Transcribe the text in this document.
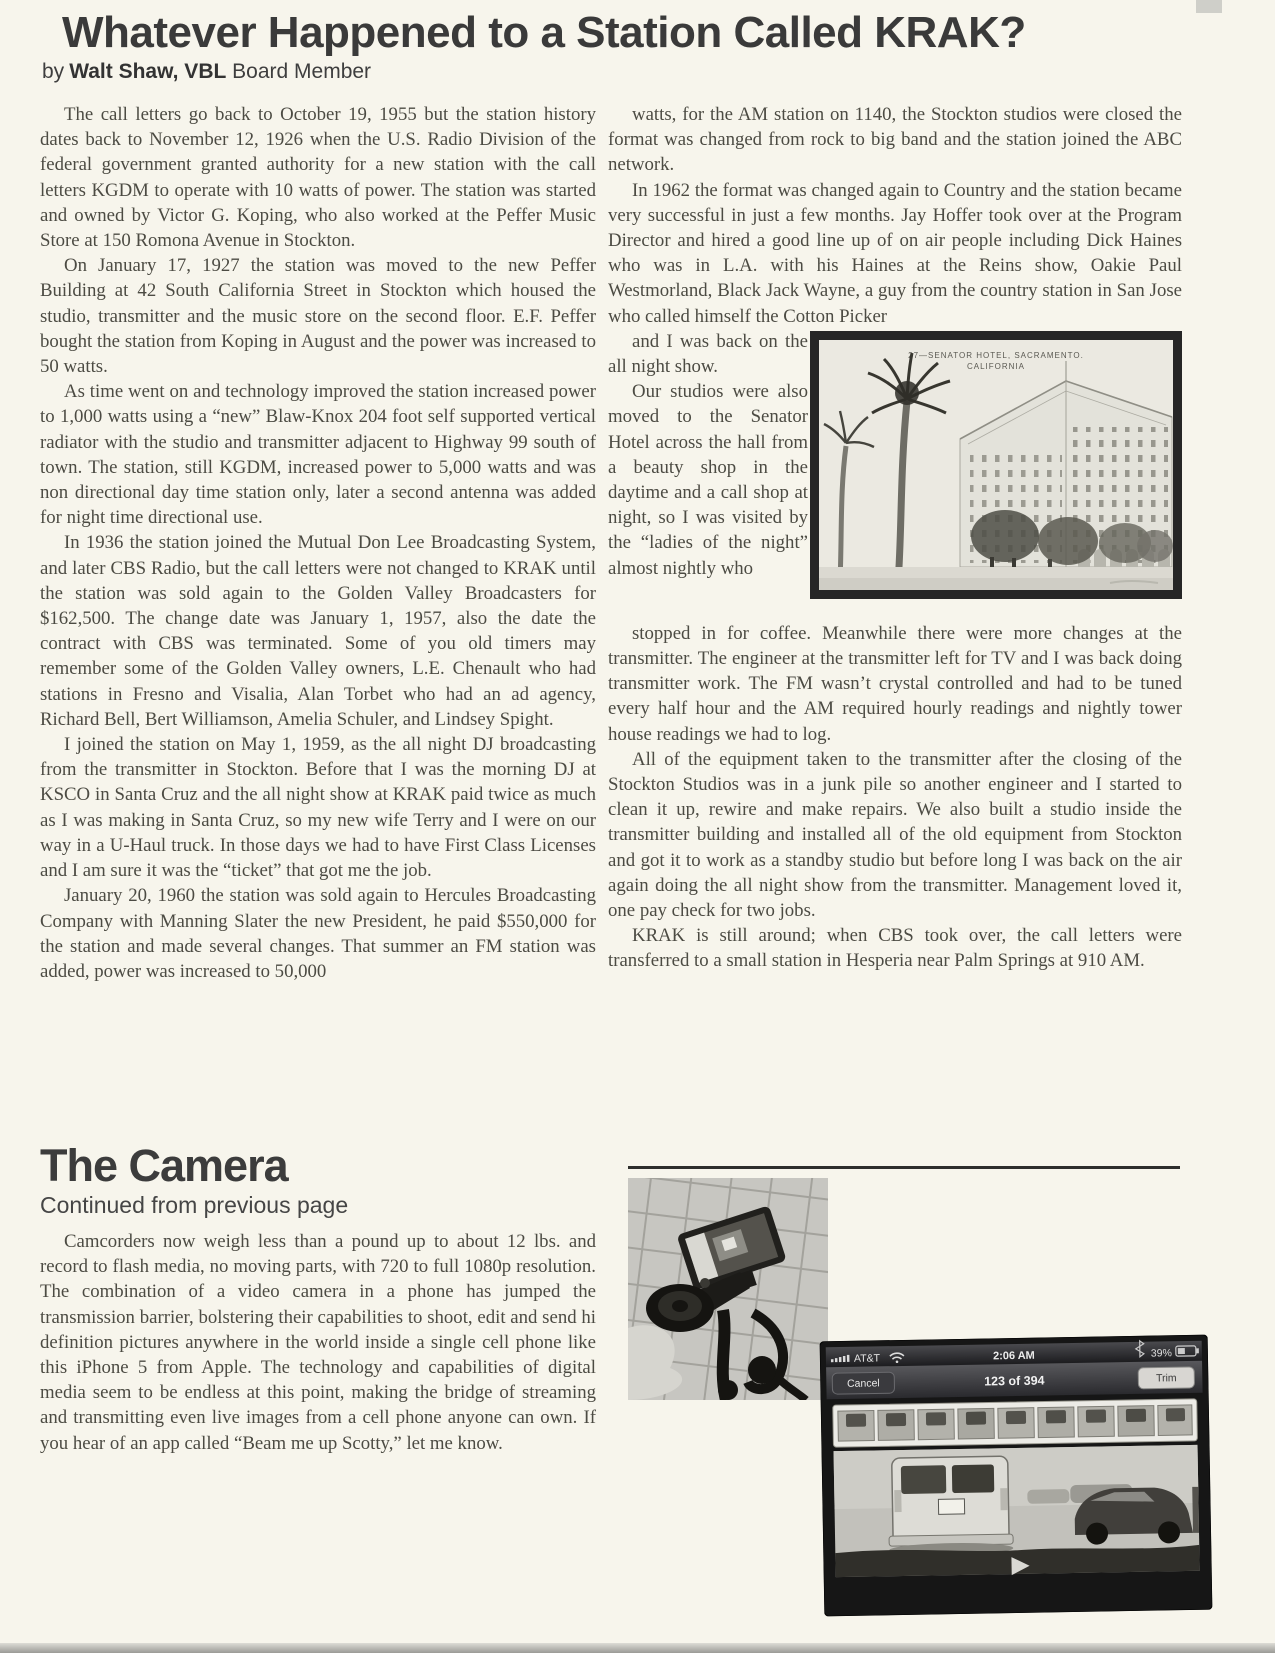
Whatever Happened to a Station Called KRAK?
by Walt Shaw, VBL Board Member

The call letters go back to October 19, 1955 but the station history dates back to November 12, 1926 when the U.S. Radio Division of the federal government granted authority for a new station with the call letters KGDM to operate with 10 watts of power. The station was started and owned by Victor G. Koping, who also worked at the Peffer Music Store at 150 Romona Avenue in Stockton.

On January 17, 1927 the station was moved to the new Peffer Building at 42 South California Street in Stockton which housed the studio, transmitter and the music store on the second floor. E.F. Peffer bought the station from Koping in August and the power was increased to 50 watts.

As time went on and technology improved the station increased power to 1,000 watts using a “new” Blaw-Knox 204 foot self supported vertical radiator with the studio and transmitter adjacent to Highway 99 south of town. The station, still KGDM, increased power to 5,000 watts and was non directional day time station only, later a second antenna was added for night time directional use.

In 1936 the station joined the Mutual Don Lee Broadcasting System, and later CBS Radio, but the call letters were not changed to KRAK until the station was sold again to the Golden Valley Broadcasters for $162,500. The change date was January 1, 1957, also the date the contract with CBS was terminated. Some of you old timers may remember some of the Golden Valley owners, L.E. Chenault who had stations in Fresno and Visalia, Alan Torbet who had an ad agency, Richard Bell, Bert Williamson, Amelia Schuler, and Lindsey Spight.

I joined the station on May 1, 1959, as the all night DJ broadcasting from the transmitter in Stockton. Before that I was the morning DJ at KSCO in Santa Cruz and the all night show at KRAK paid twice as much as I was making in Santa Cruz, so my new wife Terry and I were on our way in a U-Haul truck. In those days we had to have First Class Licenses and I am sure it was the “ticket” that got me the job.

January 20, 1960 the station was sold again to Hercules Broadcasting Company with Manning Slater the new President, he paid $550,000 for the station and made several changes. That summer an FM station was added, power was increased to 50,000

watts, for the AM station on 1140, the Stockton studios were closed the format was changed from rock to big band and the station joined the ABC network.

In 1962 the format was changed again to Country and the station became very successful in just a few months. Jay Hoffer took over at the Program Director and hired a good line up of on air people including Dick Haines who was in L.A. with his Haines at the Reins show, Oakie Paul Westmorland, Black Jack Wayne, a guy from the country station in San Jose who called himself the Cotton Picker

and I was back on the all night show.

Our studios were also moved to the Senator Hotel across the hall from a beauty shop in the daytime and a call shop at night, so I was visited by the “ladies of the night” almost nightly who

27—SENATOR HOTEL, SACRAMENTO.
CALIFORNIA

stopped in for coffee. Meanwhile there were more changes at the transmitter. The engineer at the transmitter left for TV and I was back doing transmitter work. The FM wasn’t crystal controlled and had to be tuned every half hour and the AM required hourly readings and nightly tower house readings we had to log.

All of the equipment taken to the transmitter after the closing of the Stockton Studios was in a junk pile so another engineer and I started to clean it up, rewire and make repairs. We also built a studio inside the transmitter building and installed all of the old equipment from Stockton and got it to work as a standby studio but before long I was back on the air again doing the all night show from the transmitter. Management loved it, one pay check for two jobs.

KRAK is still around; when CBS took over, the call letters were transferred to a small station in Hesperia near Palm Springs at 910 AM.

The Camera
Continued from previous page

Camcorders now weigh less than a pound up to about 12 lbs. and record to flash media, no moving parts, with 720 to full 1080p resolution. The combination of a video camera in a phone has jumped the transmission barrier, bolstering their capabilities to shoot, edit and send hi definition pictures anywhere in the world inside a single cell phone like this iPhone 5 from Apple. The technology and capabilities of digital media seem to be endless at this point, making the bridge of streaming and transmitting even live images from a cell phone anyone can own. If you hear of an app called “Beam me up Scotty,” let me know.

AT&T	2:06 AM	39%
Cancel	123 of 394	Trim
